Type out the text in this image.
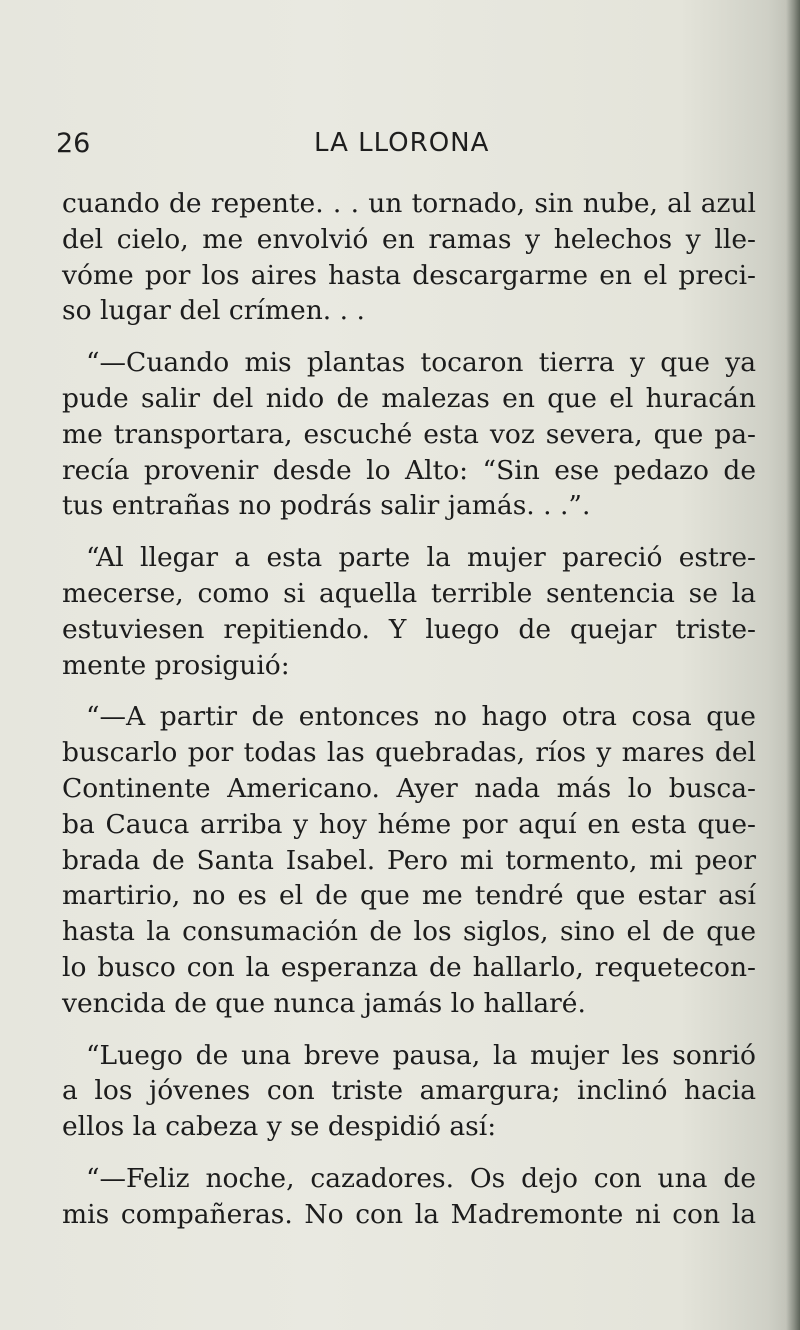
26	LA LLORONA
cuando de repente. . . un tornado, sin nube, al azul
del cielo, me envolvió en ramas y helechos y lle-
vóme por los aires hasta descargarme en el preci-
so lugar del crímen. . .
“—Cuando mis plantas tocaron tierra y que ya
pude salir del nido de malezas en que el huracán
me transportara, escuché esta voz severa, que pa-
recía provenir desde lo Alto: “Sin ese pedazo de
tus entrañas no podrás salir jamás. . .”.
“Al llegar a esta parte la mujer pareció estre-
mecerse, como si aquella terrible sentencia se la
estuviesen repitiendo. Y luego de quejar triste-
mente prosiguió:
“—A partir de entonces no hago otra cosa que
buscarlo por todas las quebradas, ríos y mares del
Continente Americano. Ayer nada más lo busca-
ba Cauca arriba y hoy héme por aquí en esta que-
brada de Santa Isabel. Pero mi tormento, mi peor
martirio, no es el de que me tendré que estar así
hasta la consumación de los siglos, sino el de que
lo busco con la esperanza de hallarlo, requetecon-
vencida de que nunca jamás lo hallaré.
“Luego de una breve pausa, la mujer les sonrió
a los jóvenes con triste amargura; inclinó hacia
ellos la cabeza y se despidió así:
“—Feliz noche, cazadores. Os dejo con una de
mis compañeras. No con la Madremonte ni con la
